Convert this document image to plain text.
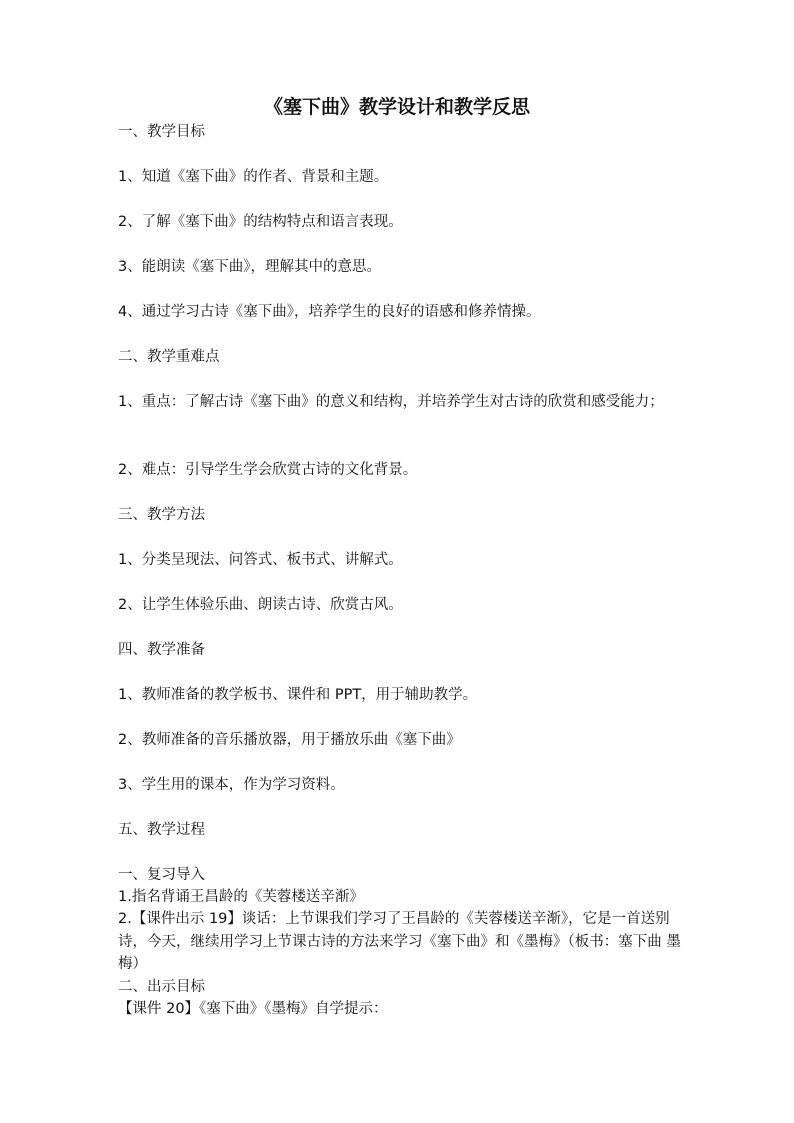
《塞下曲》教学设计和教学反思
一、教学目标
1、知道《塞下曲》的作者、背景和主题。
2、了解《塞下曲》的结构特点和语言表现。
3、能朗读《塞下曲》，理解其中的意思。
4、通过学习古诗《塞下曲》，培养学生的良好的语感和修养情操。
二、教学重难点
1、重点：了解古诗《塞下曲》的意义和结构，并培养学生对古诗的欣赏和感受能力；
2、难点：引导学生学会欣赏古诗的文化背景。
三、教学方法
1、分类呈现法、问答式、板书式、讲解式。
2、让学生体验乐曲、朗读古诗、欣赏古风。
四、教学准备
1、教师准备的教学板书、课件和 PPT，用于辅助教学。
2、教师准备的音乐播放器，用于播放乐曲《塞下曲》
3、学生用的课本，作为学习资料。
五、教学过程
一、复习导入
1.指名背诵王昌龄的《芙蓉楼送辛渐》
2.【课件出示 19】谈话：上节课我们学习了王昌龄的《芙蓉楼送辛渐》，它是一首送别诗，今天，继续用学习上节课古诗的方法来学习《塞下曲》和《墨梅》（板书：塞下曲 墨梅）
二、出示目标
【课件 20】《塞下曲》《墨梅》自学提示：
